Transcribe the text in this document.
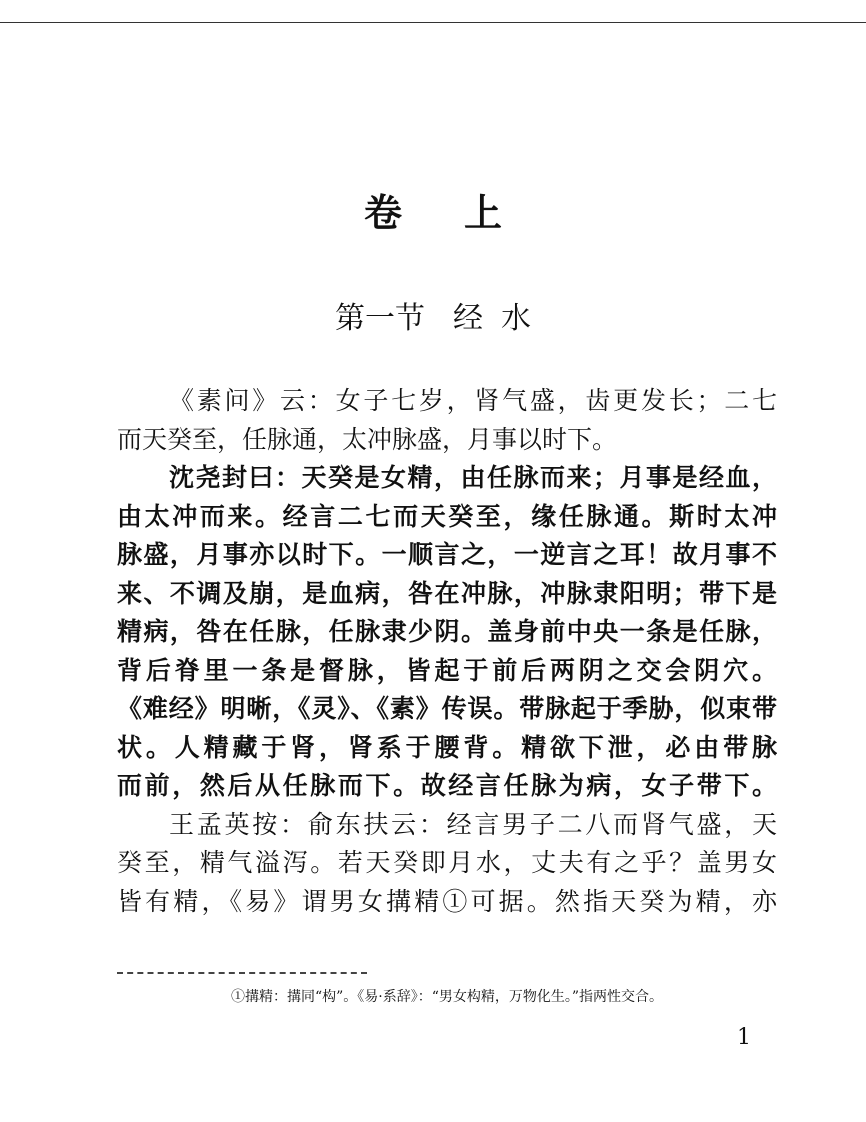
卷上
第一节 经 水
《素问》云：女子七岁，肾气盛，齿更发长；二七
而天癸至，任脉通，太冲脉盛，月事以时下。
沈尧封曰：天癸是女精，由任脉而来；月事是经血，
由太冲而来。经言二七而天癸至，缘任脉通。斯时太冲
脉盛，月事亦以时下。一顺言之，一逆言之耳！故月事不
来、不调及崩，是血病，咎在冲脉，冲脉隶阳明；带下是
精病，咎在任脉，任脉隶少阴。盖身前中央一条是任脉，
背后脊里一条是督脉，皆起于前后两阴之交会阴穴。
《难经》明晰，《灵》、《素》传误。带脉起于季胁，似束带
状。人精藏于肾，肾系于腰背。精欲下泄，必由带脉
而前，然后从任脉而下。故经言任脉为病，女子带下。
王孟英按：俞东扶云：经言男子二八而肾气盛，天
癸至，精气溢泻。若天癸即月水，丈夫有之乎？盖男女
皆有精，《易》谓男女搆精①可据。然指天癸为精，亦
①搆精：搆同“构”。《易·系辞》：“男女构精，万物化生。”指两性交合。
1
